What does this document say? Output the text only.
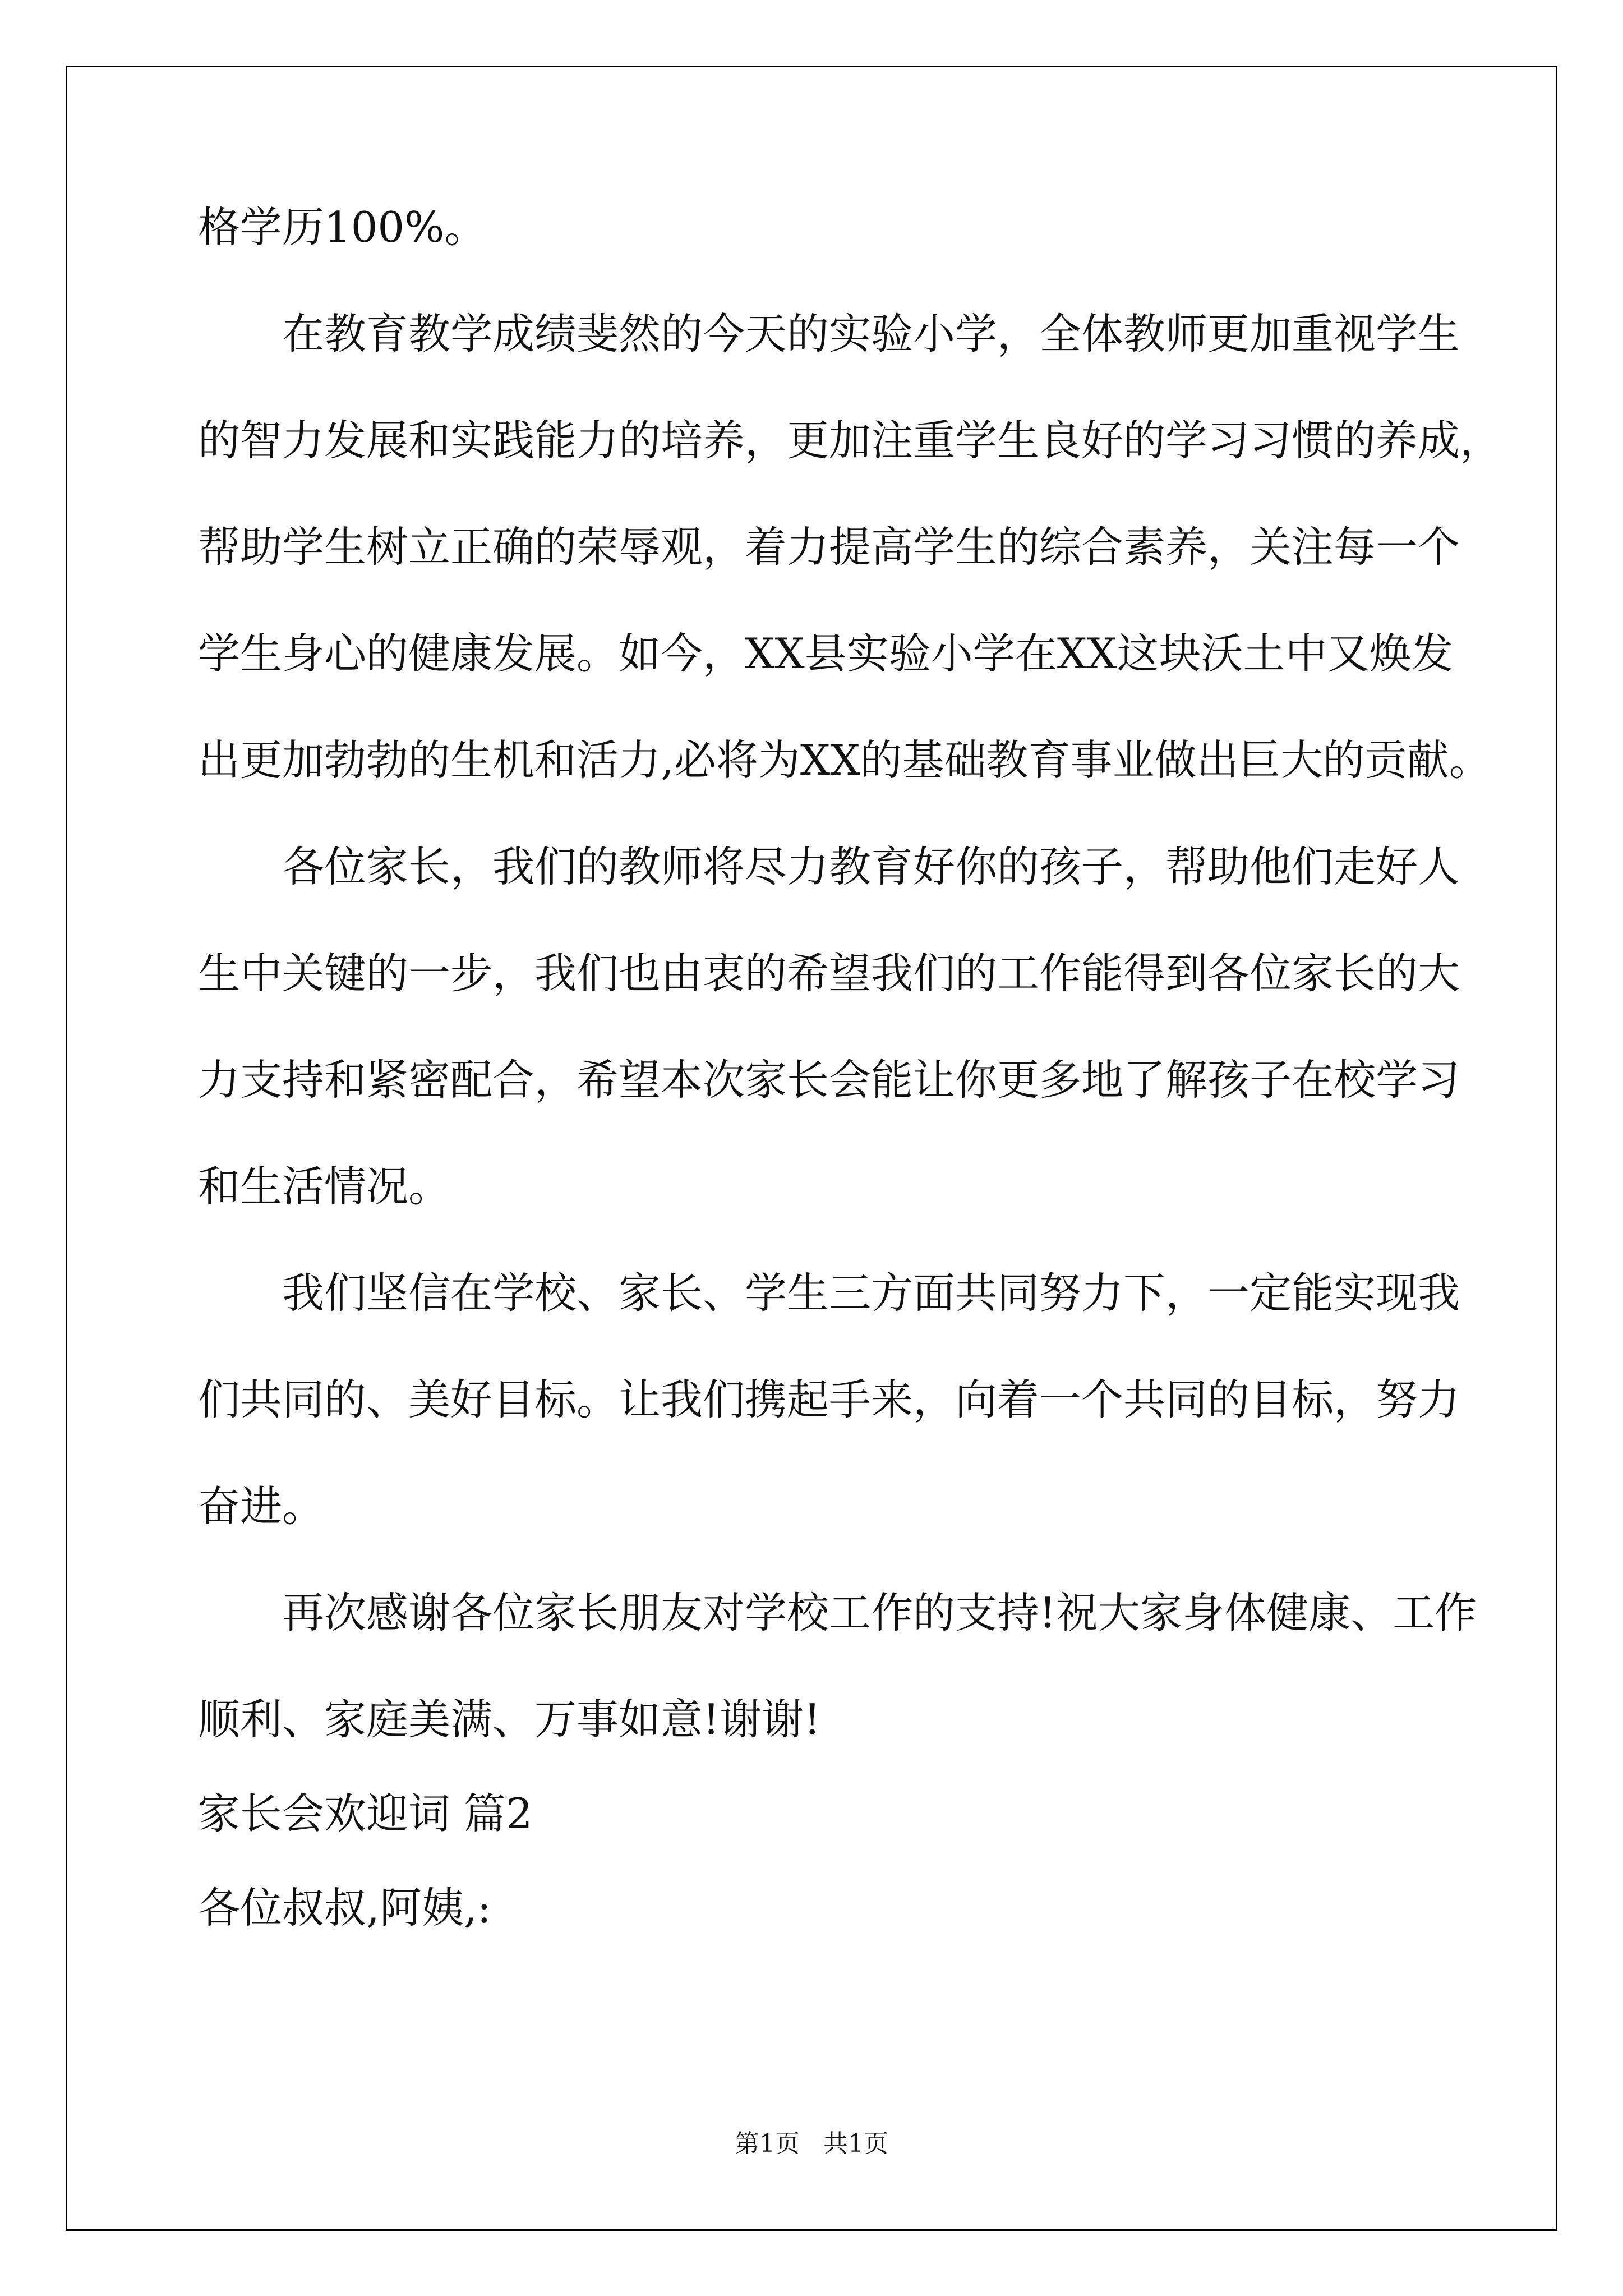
格学历100%。
在教育教学成绩斐然的今天的实验小学，全体教师更加重视学生
的智力发展和实践能力的培养，更加注重学生良好的学习习惯的养成，
帮助学生树立正确的荣辱观，着力提高学生的综合素养，关注每一个
学生身心的健康发展。如今，XX县实验小学在XX这块沃土中又焕发
出更加勃勃的生机和活力,必将为XX的基础教育事业做出巨大的贡献。
各位家长，我们的教师将尽力教育好你的孩子，帮助他们走好人
生中关键的一步，我们也由衷的希望我们的工作能得到各位家长的大
力支持和紧密配合，希望本次家长会能让你更多地了解孩子在校学习
和生活情况。
我们坚信在学校、家长、学生三方面共同努力下，一定能实现我
们共同的、美好目标。让我们携起手来，向着一个共同的目标，努力
奋进。
再次感谢各位家长朋友对学校工作的支持!祝大家身体健康、工作
顺利、家庭美满、万事如意!谢谢!
家长会欢迎词 篇2
各位叔叔,阿姨,:
第1页   共1页
